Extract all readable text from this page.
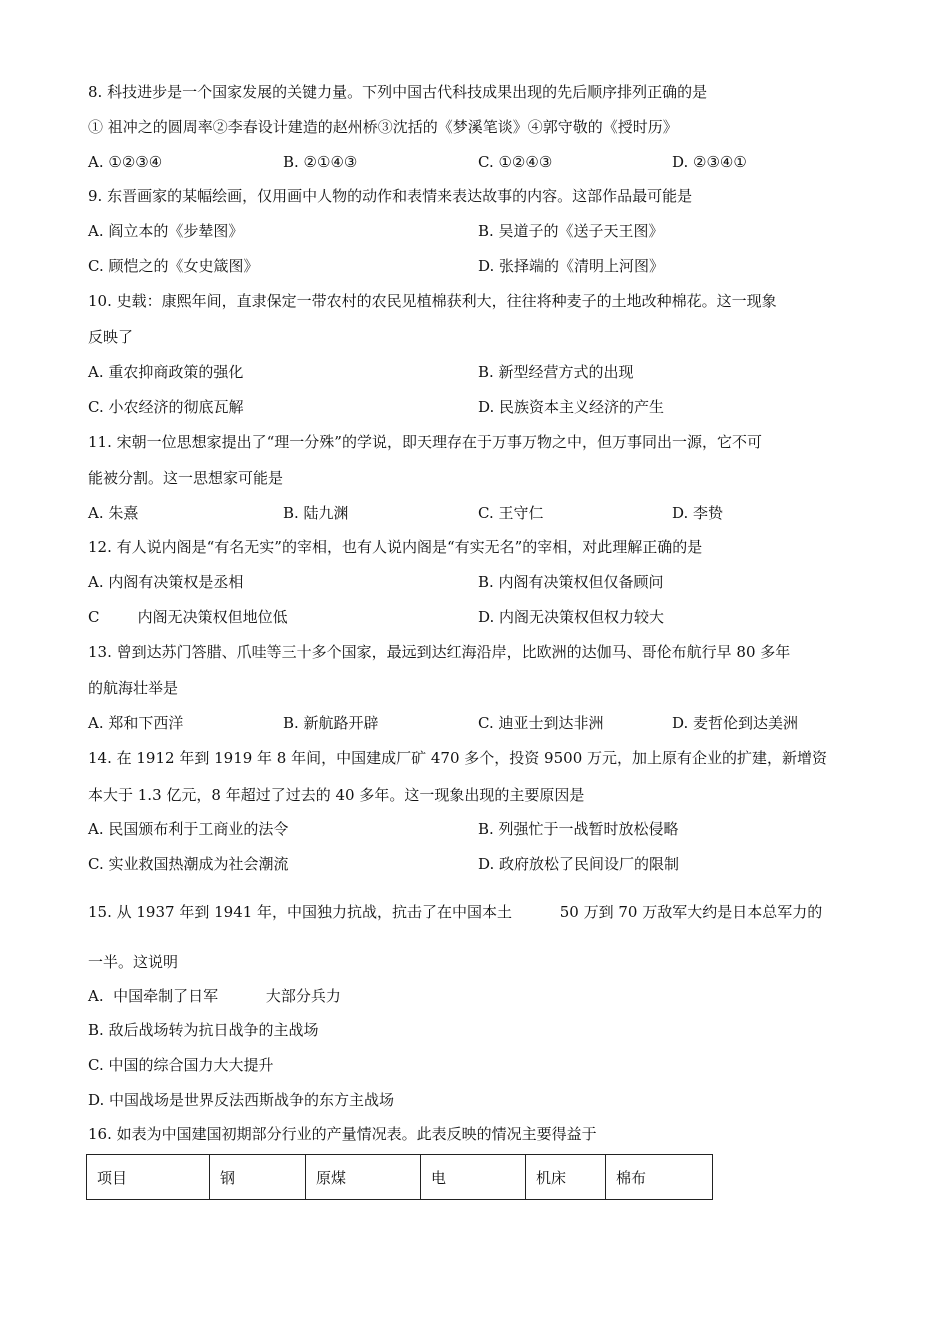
8. 科技进步是一个国家发展的关键力量。下列中国古代科技成果出现的先后顺序排列正确的是
① 祖冲之的圆周率②李春设计建造的赵州桥③沈括的《梦溪笔谈》④郭守敬的《授时历》
A. ①②③④	B. ②①④③	C. ①②④③	D. ②③④①
9. 东晋画家的某幅绘画，仅用画中人物的动作和表情来表达故事的内容。这部作品最可能是
A. 阎立本的《步辇图》	B. 吴道子的《送子天王图》
C. 顾恺之的《女史箴图》	D. 张择端的《清明上河图》
10. 史载：康熙年间，直隶保定一带农村的农民见植棉获利大，往往将种麦子的土地改种棉花。这一现象
反映了
A. 重农抑商政策的强化	B. 新型经营方式的出现
C. 小农经济的彻底瓦解	D. 民族资本主义经济的产生
11. 宋朝一位思想家提出了“理一分殊”的学说，即天理存在于万事万物之中，但万事同出一源，它不可
能被分割。这一思想家可能是
A. 朱熹	B. 陆九渊	C. 王守仁	D. 李贽
12. 有人说内阁是“有名无实”的宰相，也有人说内阁是“有实无名”的宰相，对此理解正确的是
A. 内阁有决策权是丞相	B. 内阁有决策权但仅备顾问
C        内阁无决策权但地位低	D. 内阁无决策权但权力较大
13. 曾到达苏门答腊、爪哇等三十多个国家，最远到达红海沿岸，比欧洲的达伽马、哥伦布航行早 80 多年
的航海壮举是
A. 郑和下西洋	B. 新航路开辟	C. 迪亚士到达非洲	D. 麦哲伦到达美洲
14. 在 1912 年到 1919 年 8 年间，中国建成厂矿 470 多个，投资 9500 万元，加上原有企业的扩建，新增资
本大于 1.3 亿元，8 年超过了过去的 40 多年。这一现象出现的主要原因是
A. 民国颁布利于工商业的法令	B. 列强忙于一战暂时放松侵略
C. 实业救国热潮成为社会潮流	D. 政府放松了民间设厂的限制
15. 从 1937 年到 1941 年，中国独力抗战，抗击了在中国本土          50 万到 70 万敌军大约是日本总军力的
一半。这说明
A.  中国牵制了日军          大部分兵力
B. 敌后战场转为抗日战争的主战场
C. 中国的综合国力大大提升
D. 中国战场是世界反法西斯战争的东方主战场
16. 如表为中国建国初期部分行业的产量情况表。此表反映的情况主要得益于
项目	钢	原煤	电	机床	棉布
